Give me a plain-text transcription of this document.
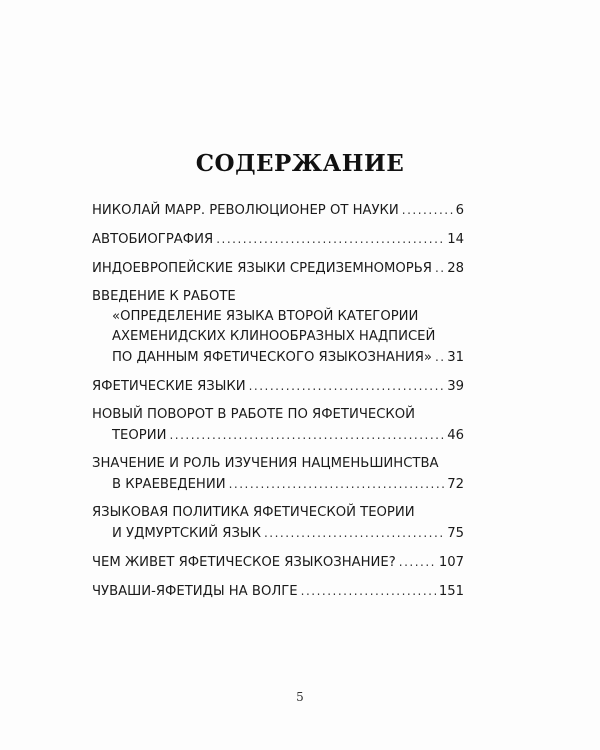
СОДЕРЖАНИЕ
НИКОЛАЙ МАРР. РЕВОЛЮЦИОНЕР ОТ НАУКИ .....	6
АВТОБИОГРАФИЯ .....	14
ИНДОЕВРОПЕЙСКИЕ ЯЗЫКИ СРЕДИЗЕМНОМОРЬЯ ..... 28
ВВЕДЕНИЕ К РАБОТЕ
«ОПРЕДЕЛЕНИЕ ЯЗЫКА ВТОРОЙ КАТЕГОРИИ
АХЕМЕНИДСКИХ КЛИНООБРАЗНЫХ НАДПИСЕЙ
ПО ДАННЫМ ЯФЕТИЧЕСКОГО ЯЗЫКОЗНАНИЯ» ..... 31
ЯФЕТИЧЕСКИЕ ЯЗЫКИ .....	39
НОВЫЙ ПОВОРОТ В РАБОТЕ ПО ЯФЕТИЧЕСКОЙ
ТЕОРИИ .....	46
ЗНАЧЕНИЕ И РОЛЬ ИЗУЧЕНИЯ НАЦМЕНЬШИНСТВА
В КРАЕВЕДЕНИИ .....	72
ЯЗЫКОВАЯ ПОЛИТИКА ЯФЕТИЧЕСКОЙ ТЕОРИИ
И УДМУРТСКИЙ ЯЗЫК .....	75
ЧЕМ ЖИВЕТ ЯФЕТИЧЕСКОЕ ЯЗЫКОЗНАНИЕ? .....	107
ЧУВАШИ-ЯФЕТИДЫ НА ВОЛГЕ .....	151
5
